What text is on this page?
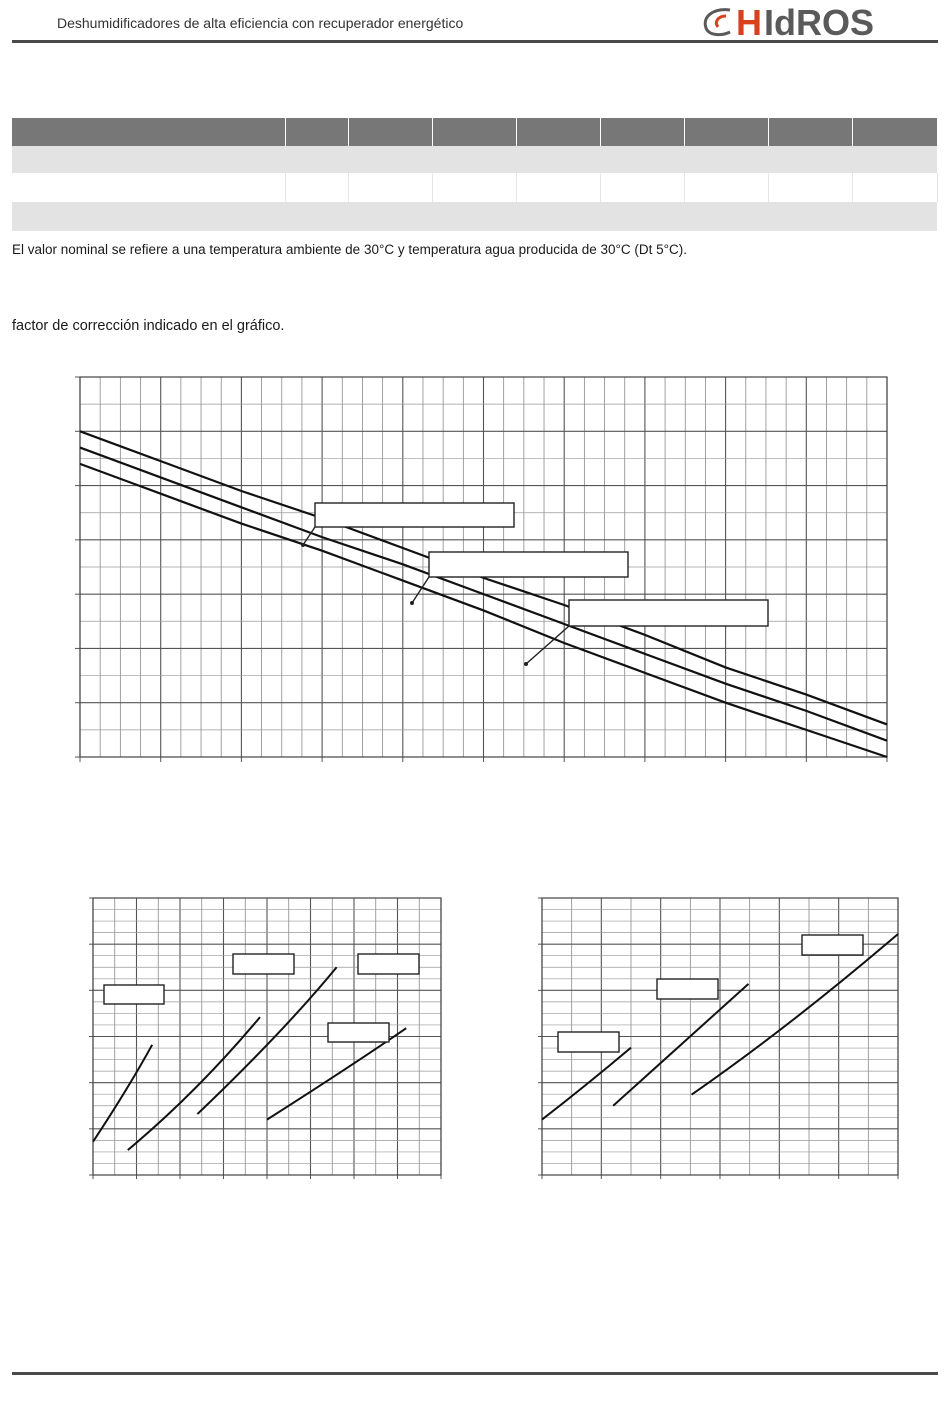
Deshumidificadores de alta eficiencia con recuperador energético	H IdROS

El valor nominal se refiere a una temperatura ambiente de 30°C y temperatura agua producida de 30°C (Dt 5°C).
factor de corrección indicado en el gráfico.
